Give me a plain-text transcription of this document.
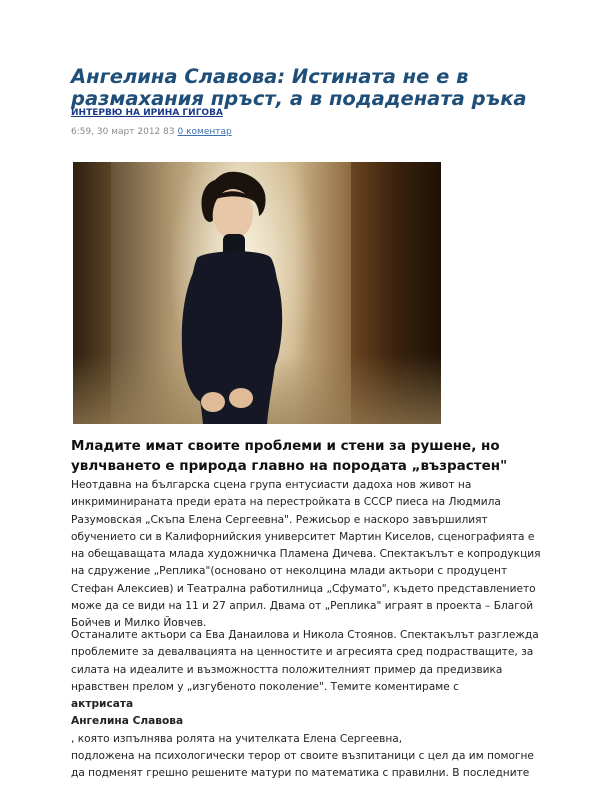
Ангелина Славова: Истината не е в
размахания пръст, а в подадената ръка
ИНТЕРВЮ НА ИРИНА ГИГОВА
6:59, 30 март 2012 83 0 коментар
Младите имат своите проблеми и стени за рушене, но
увлчването е природа главно на породата „възрастен"

Неотдавна на българска сцена група ентусиасти дадоха нов живот на
инкриминираната преди ерата на перестройката в СССР пиеса на Людмила
Разумовская „Скъпа Елена Сергеевна". Режисьор е наскоро завършилият
обучението си в Калифорнийския университет Мартин Киселов, сценографията е
на обещаващата млада художничка Пламена Дичева. Спектакълът е копродукция
на сдружение „Реплика"(основано от неколцина млади актьори с продуцент
Стефан Алексиев) и Театрална работилница „Сфумато", където представлението
може да се види на 11 и 27 април. Двама от „Реплика" играят в проекта – Благой
Бойчев и Милко Йовчев.

Останалите актьори са Ева Данаилова и Никола Стоянов. Спектакълът разглежда
проблемите за девалвацията на ценностите и агресията сред подрастващите, за
силата на идеалите и възможността положителният пример да предизвика
нравствен прелом у „изгубеното поколение". Темите коментираме с
актрисата
Ангелина Славова
, която изпълнява ролята на учителката Елена Сергеевна,
подложена на психологически терор от своите възпитаници с цел да им помогне
да подменят грешно решените матури по математика с правилни. В последните
